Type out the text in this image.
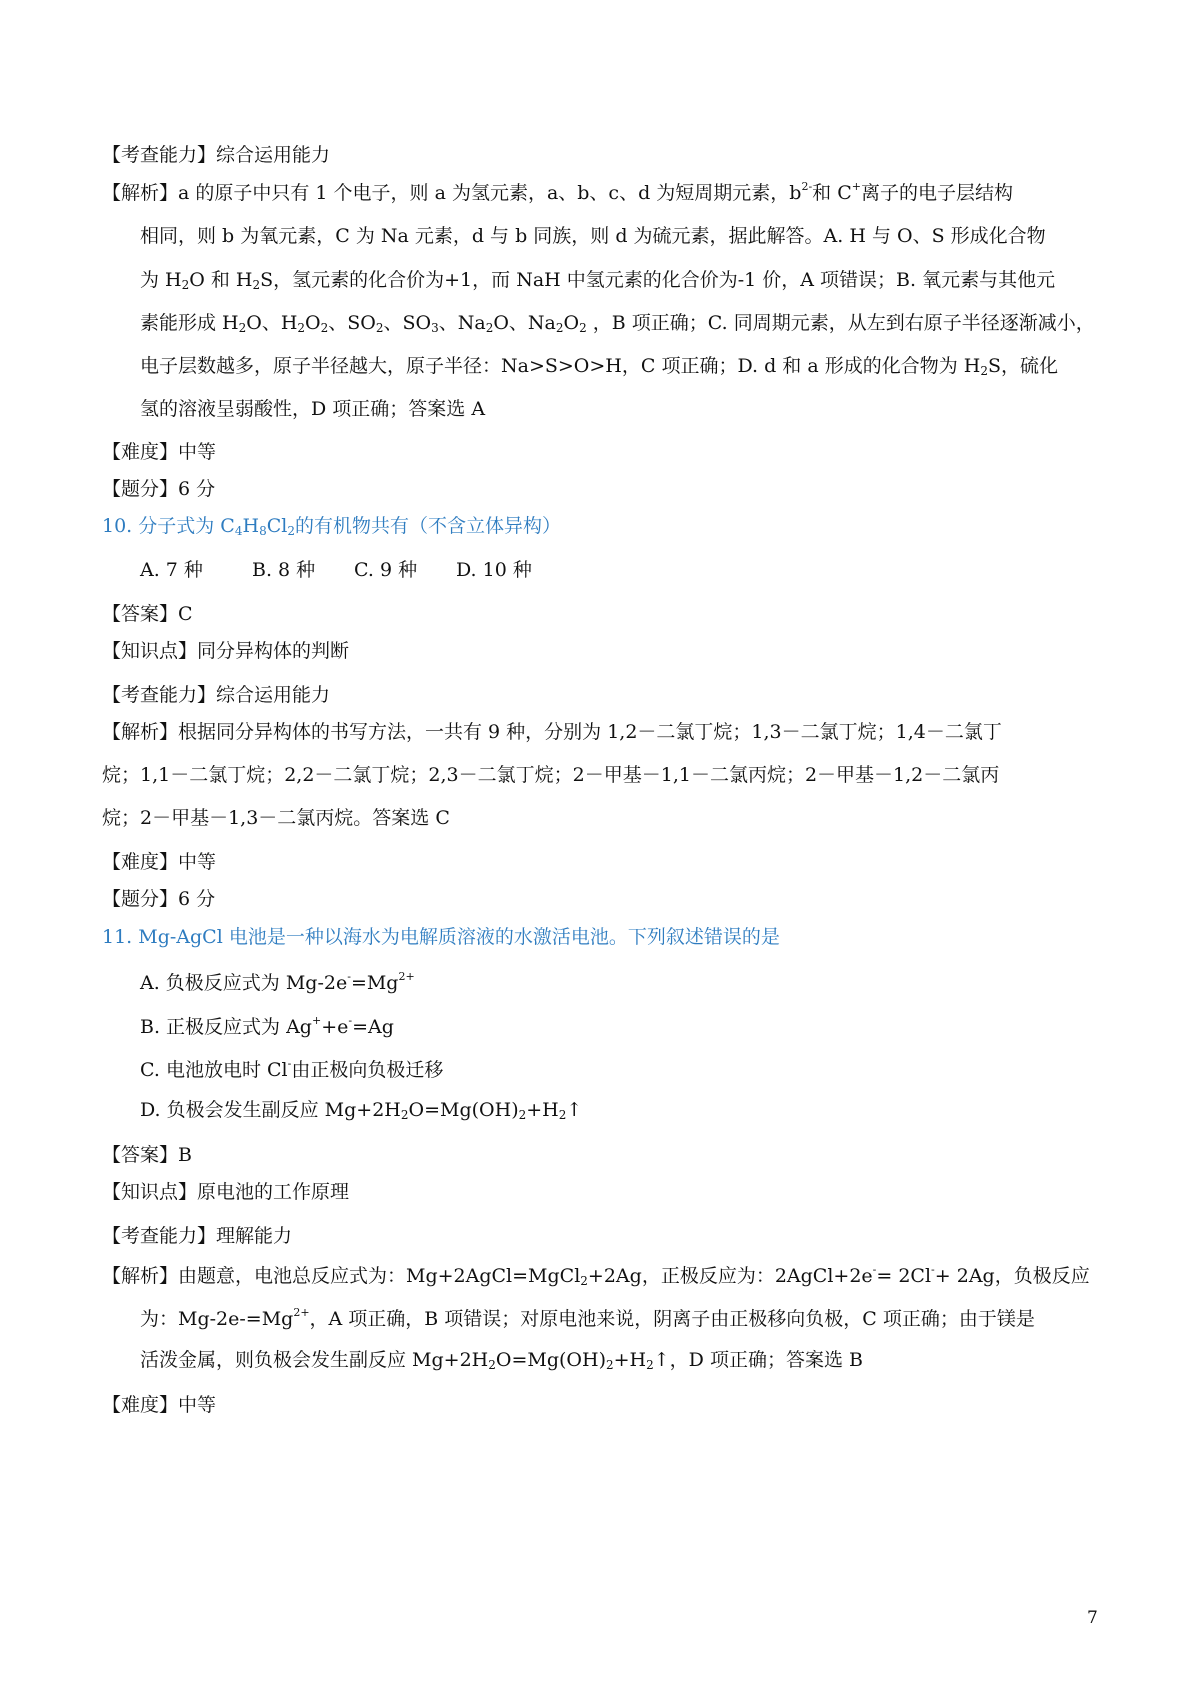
【考查能力】综合运用能力
【解析】a 的原子中只有 1 个电子，则 a 为氢元素，a、b、c、d 为短周期元素，$b^{2-}$和 C+离子的电子层结构
相同，则 b 为氧元素，C 为 Na 元素，d 与 b 同族，则 d 为硫元素，据此解答。A. H 与 O、S 形成化合物
为 $H_2O$ 和 $H_2S$，氢元素的化合价为+1，而 NaH 中氢元素的化合价为-1 价，A 项错误；B. 氧元素与其他元
素能形成 $H_2O$、$H_2O_2$、$SO_2$、$SO_3$、$Na_2O$、$Na_2O_2$ ，B 项正确；C. 同周期元素，从左到右原子半径逐渐减小，
电子层数越多，原子半径越大，原子半径：Na>S>O>H，C 项正确；D. d 和 a 形成的化合物为 $H_2S$，硫化
氢的溶液呈弱酸性，D 项正确；答案选 A
【难度】中等
【题分】6 分
10. 分子式为 $C_4H_8Cl_2$的有机物共有（不含立体异构）
A. 7 种	B. 8 种 C. 9 种 D. 10 种
【答案】C
【知识点】同分异构体的判断
【考查能力】综合运用能力
【解析】根据同分异构体的书写方法，一共有 9 种，分别为 1,2－二氯丁烷；1,3－二氯丁烷；1,4－二氯丁
烷；1,1－二氯丁烷；2,2－二氯丁烷；2,3－二氯丁烷；2－甲基－1,1－二氯丙烷；2－甲基－1,2－二氯丙
烷；2－甲基－1,3－二氯丙烷。答案选 C
【难度】中等
【题分】6 分
11. Mg-AgCl 电池是一种以海水为电解质溶液的水激活电池。下列叙述错误的是
A. 负极反应式为 $Mg-2e^-=Mg^{2+}$
B. 正极反应式为 Ag++e-=Ag
C. 电池放电时 Cl-由正极向负极迁移
D. 负极会发生副反应 $Mg+2H_2O=Mg(OH)_2+H_2↑$
【答案】B
【知识点】原电池的工作原理
【考查能力】理解能力
【解析】由题意，电池总反应式为：Mg+2AgCl=MgCl$_2$+2Ag，正极反应为：2AgCl+2e-= 2Cl-+ 2Ag，负极反应
为：$Mg-2e-=Mg^{2+}$，A 项正确，B 项错误；对原电池来说，阴离子由正极移向负极，C 项正确；由于镁是
活泼金属，则负极会发生副反应 $Mg+2H_2O=Mg(OH)_2+H_2↑$，D 项正确；答案选 B
【难度】中等
7
